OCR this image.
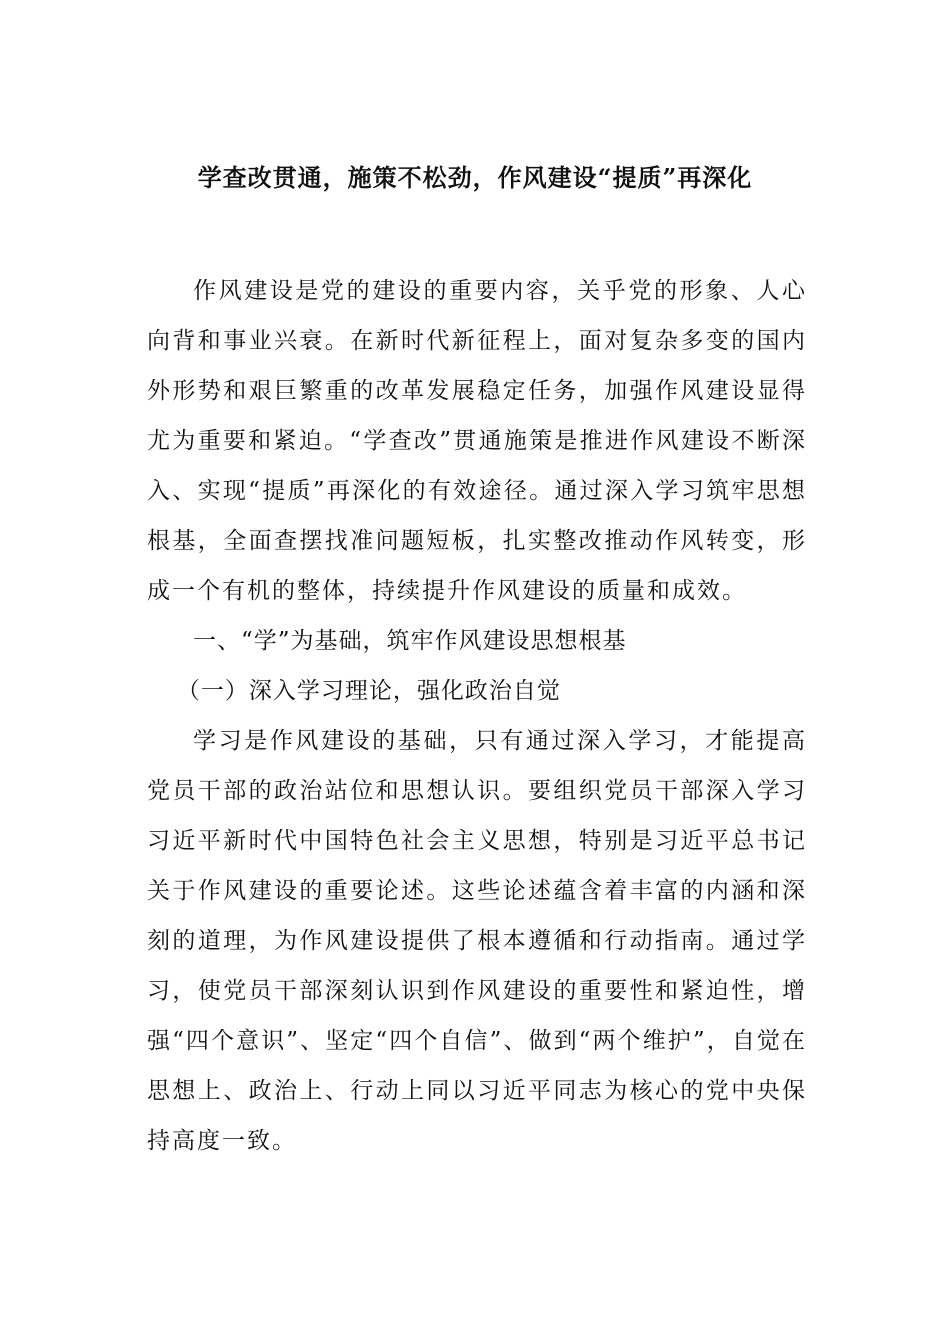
学查改贯通，施策不松劲，作风建设“提质”再深化

作风建设是党的建设的重要内容，关乎党的形象、人心向背和事业兴衰。在新时代新征程上，面对复杂多变的国内外形势和艰巨繁重的改革发展稳定任务，加强作风建设显得尤为重要和紧迫。“学查改”贯通施策是推进作风建设不断深入、实现“提质”再深化的有效途径。通过深入学习筑牢思想根基，全面查摆找准问题短板，扎实整改推动作风转变，形成一个有机的整体，持续提升作风建设的质量和成效。

一、“学”为基础，筑牢作风建设思想根基

（一）深入学习理论，强化政治自觉

学习是作风建设的基础，只有通过深入学习，才能提高党员干部的政治站位和思想认识。要组织党员干部深入学习习近平新时代中国特色社会主义思想，特别是习近平总书记关于作风建设的重要论述。这些论述蕴含着丰富的内涵和深刻的道理，为作风建设提供了根本遵循和行动指南。通过学习，使党员干部深刻认识到作风建设的重要性和紧迫性，增强“四个意识”、坚定“四个自信”、做到“两个维护”，自觉在思想上、政治上、行动上同以习近平同志为核心的党中央保持高度一致。
